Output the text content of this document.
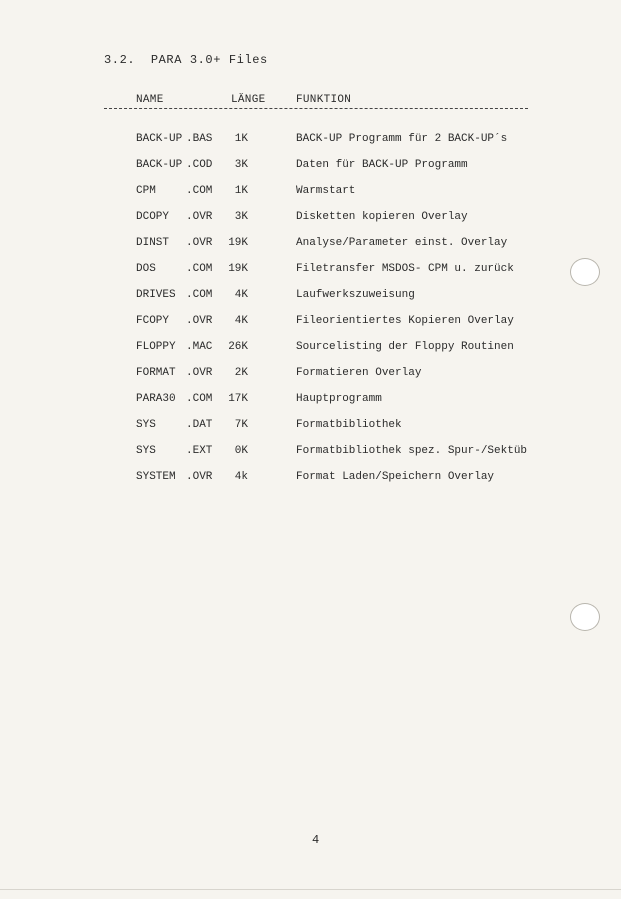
3.2. PARA 3.0+ Files
NAME	LÄNGE	FUNKTION
BACK-UP .BAS	1K	BACK-UP Programm für 2 BACK-UP´s
BACK-UP .COD	3K	Daten für BACK-UP Programm
CPM	.COM	1K	Warmstart
DCOPY .OVR	3K	Disketten kopieren Overlay
DINST .OVR 19K	Analyse/Parameter einst. Overlay
DOS	.COM 19K	Filetransfer MSDOS- CPM u. zurück
DRIVES .COM	4K	Laufwerkszuweisung
FCOPY .OVR	4K	Fileorientiertes Kopieren Overlay
FLOPPY .MAC 26K	Sourcelisting der Floppy Routinen
FORMAT .OVR	2K	Formatieren Overlay
PARA30 .COM 17K	Hauptprogramm
SYS	.DAT	7K	Formatbibliothek
SYS	.EXT	0K	Formatbibliothek spez. Spur-/Sektüb
SYSTEM .OVR	4k	Format Laden/Speichern Overlay
4
